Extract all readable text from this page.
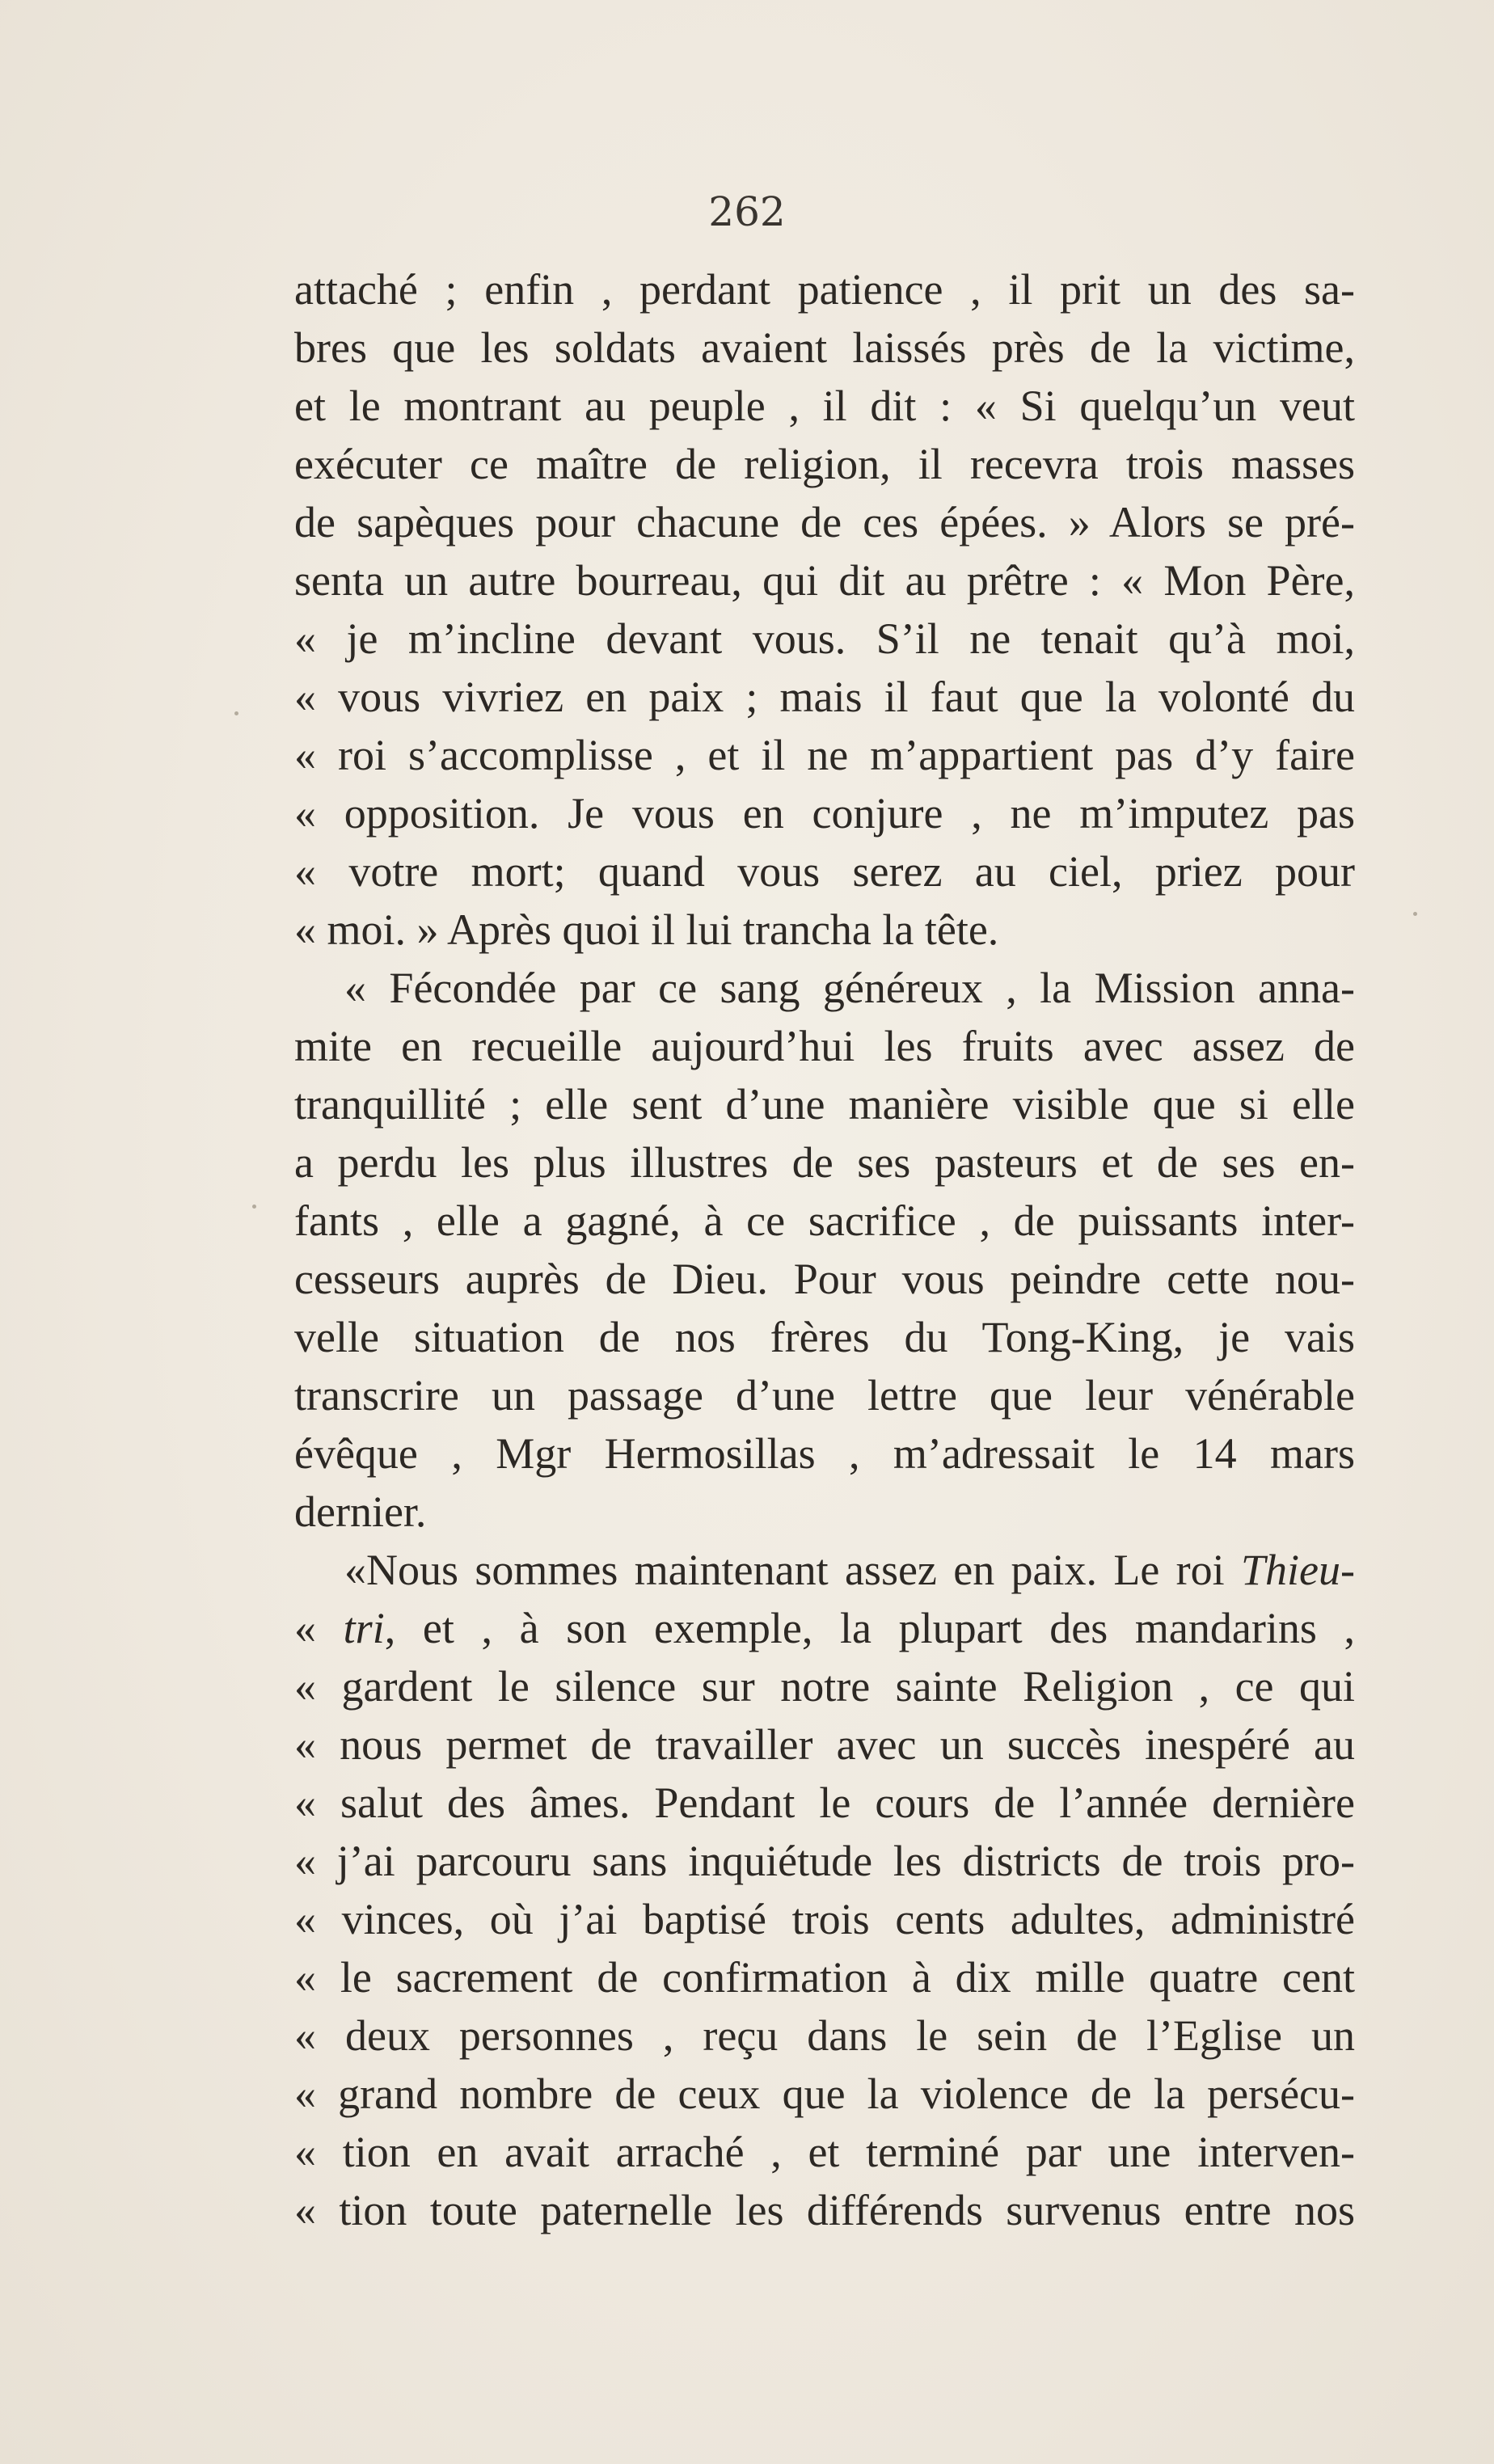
262
attaché ; enfin , perdant patience , il prit un des sa-
bres que les soldats avaient laissés près de la victime,
et le montrant au peuple , il dit : « Si quelqu’un veut
exécuter ce maître de religion, il recevra trois masses
de sapèques pour chacune de ces épées. » Alors se pré-
senta un autre bourreau, qui dit au prêtre : « Mon Père,
« je m’incline devant vous. S’il ne tenait qu’à moi,
« vous vivriez en paix ; mais il faut que la volonté du
« roi s’accomplisse , et il ne m’appartient pas d’y faire
« opposition. Je vous en conjure , ne m’imputez pas
« votre mort; quand vous serez au ciel, priez pour
« moi. » Après quoi il lui trancha la tête.
« Fécondée par ce sang généreux , la Mission anna-
mite en recueille aujourd’hui les fruits avec assez de
tranquillité ; elle sent d’une manière visible que si elle
a perdu les plus illustres de ses pasteurs et de ses en-
fants , elle a gagné, à ce sacrifice , de puissants inter-
cesseurs auprès de Dieu. Pour vous peindre cette nou-
velle situation de nos frères du Tong-King, je vais
transcrire un passage d’une lettre que leur vénérable
évêque , Mgr Hermosillas , m’adressait le 14 mars
dernier.
«Nous sommes maintenant assez en paix. Le roi Thieu-
« tri, et , à son exemple, la plupart des mandarins ,
« gardent le silence sur notre sainte Religion , ce qui
« nous permet de travailler avec un succès inespéré au
« salut des âmes. Pendant le cours de l’année dernière
« j’ai parcouru sans inquiétude les districts de trois pro-
« vinces, où j’ai baptisé trois cents adultes, administré
« le sacrement de confirmation à dix mille quatre cent
« deux personnes , reçu dans le sein de l’Eglise un
« grand nombre de ceux que la violence de la persécu-
« tion en avait arraché , et terminé par une interven-
« tion toute paternelle les différends survenus entre nos
